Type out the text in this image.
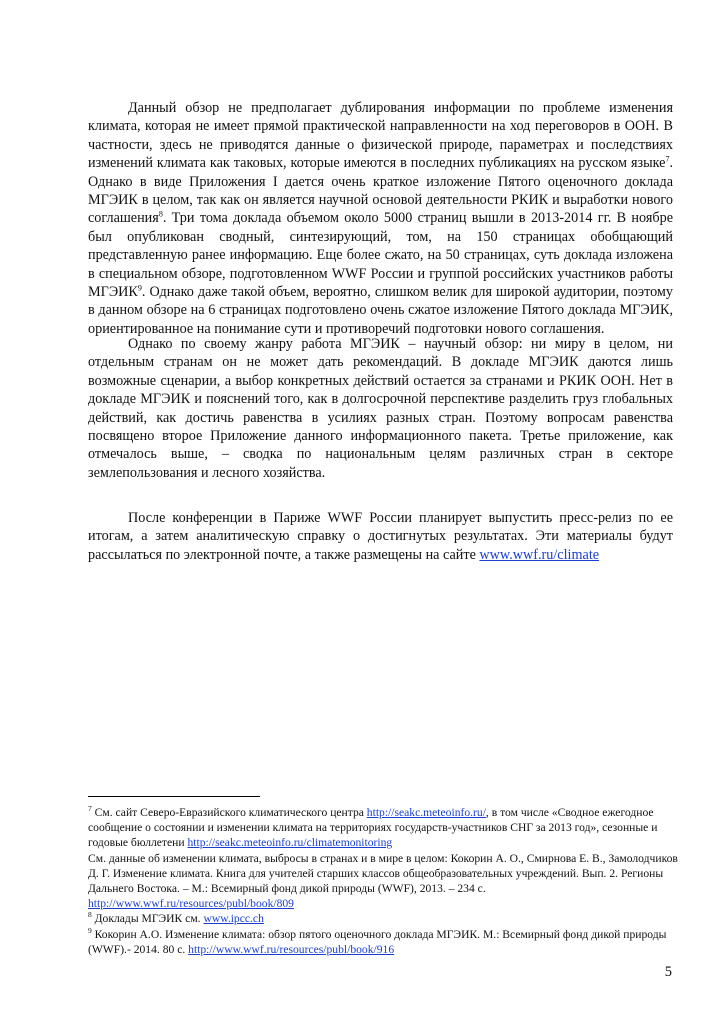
Данный обзор не предполагает дублирования информации по проблеме изменения климата, которая не имеет прямой практической направленности на ход переговоров в ООН. В частности, здесь не приводятся данные о физической природе, параметрах и последствиях изменений климата как таковых, которые имеются в последних публикациях на русском языке$^7$. Однако в виде Приложения I дается очень краткое изложение Пятого оценочного доклада МГЭИК в целом, так как он является научной основой деятельности РКИК и выработки нового соглашения$^8$. Три тома доклада объемом около 5000 страниц вышли в 2013-2014 гг. В ноябре был опубликован сводный, синтезирующий, том, на 150 страницах обобщающий представленную ранее информацию. Еще более сжато, на 50 страницах, суть доклада изложена в специальном обзоре, подготовленном WWF России и группой российских участников работы МГЭИК$^9$. Однако даже такой объем, вероятно, слишком велик для широкой аудитории, поэтому в данном обзоре на 6 страницах подготовлено очень сжатое изложение Пятого доклада МГЭИК, ориентированное на понимание сути и противоречий подготовки нового соглашения.

Однако по своему жанру работа МГЭИК – научный обзор: ни миру в целом, ни отдельным странам он не может дать рекомендаций. В докладе МГЭИК даются лишь возможные сценарии, а выбор конкретных действий остается за странами и РКИК ООН. Нет в докладе МГЭИК и пояснений того, как в долгосрочной перспективе разделить груз глобальных действий, как достичь равенства в усилиях разных стран. Поэтому вопросам равенства посвящено второе Приложение данного информационного пакета. Третье приложение, как отмечалось выше, – сводка по национальным целям различных стран в секторе землепользования и лесного хозяйства.

После конференции в Париже WWF России планирует выпустить пресс-релиз по ее итогам, а затем аналитическую справку о достигнутых результатах. Эти материалы будут рассылаться по электронной почте, а также размещены на сайте www.wwf.ru/climate

$^7$ См. сайт Северо-Евразийского климатического центра http://seakc.meteoinfo.ru/, в том числе «Сводное ежегодное сообщение о состоянии и изменении климата на территориях государств-участников СНГ за 2013 год», сезонные и годовые бюллетени http://seakc.meteoinfo.ru/climatemonitoring

См. данные об изменении климата, выбросы в странах и в мире в целом: Кокорин А. О., Смирнова Е. В., Замолодчиков Д. Г. Изменение климата. Книга для учителей старших классов общеобразовательных учреждений. Вып. 2. Регионы Дальнего Востока. – М.: Всемирный фонд дикой природы (WWF), 2013. – 234 с. http://www.wwf.ru/resources/publ/book/809

$^8$ Доклады МГЭИК см. www.ipcc.ch

$^9$ Кокорин А.О. Изменение климата: обзор пятого оценочного доклада МГЭИК. М.: Всемирный фонд дикой природы (WWF).- 2014. 80 с. http://www.wwf.ru/resources/publ/book/916

5
